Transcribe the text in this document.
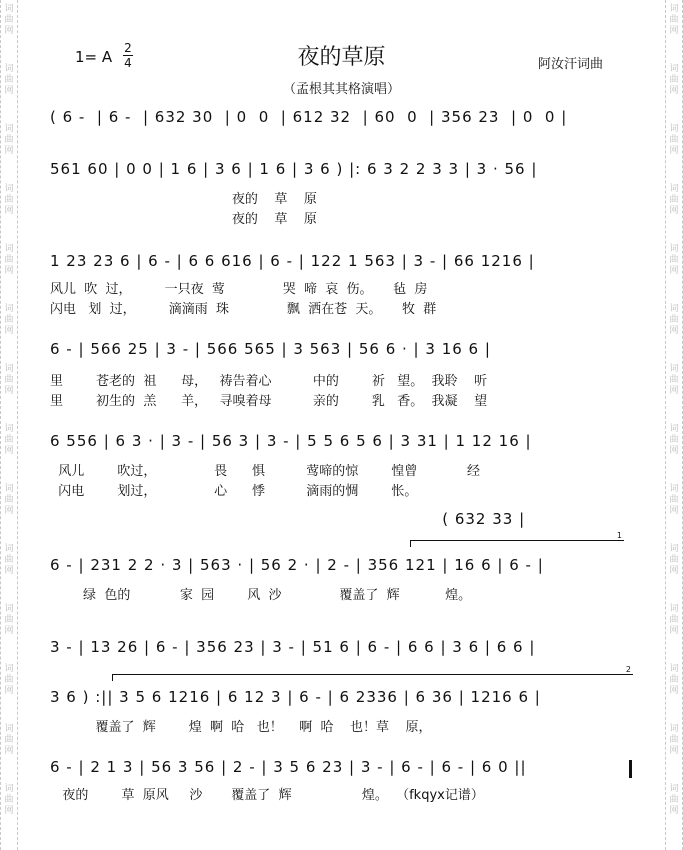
词
曲
网
词
曲
网
词
曲
网
词
曲
网
词
曲
网
词
曲
网
词
曲
网
词
曲
网
词
曲
网
词
曲
网
词
曲
网
词
曲
网
词
曲
网
词
曲
网
词
曲
网
词
曲
网
词
曲
网
词
曲
网
词
曲
网
词
曲
网
词
曲
网
词
曲
网
词
曲
网
词
曲
网
词
曲
网
词
曲
网
词
曲
网
词
曲
网
1= A 2
4	夜的草原	阿汝汗词曲
（孟根其其格演唱）
( 6 -  | 6 -  | 632 30  | 0  0  | 612 32  | 60  0  | 356 23  | 0  0 |
561 60 | 0 0 | 1 6 | 3 6 | 1 6 | 3 6 ) |: 6 3 2 2 3 3 | 3 · 56 |
夜的    草    原
夜的    草    原
1 23 23 6 | 6 - | 6 6 616 | 6 - | 122 1 563 | 3 - | 66 1216 |
风儿  吹  过，        一只夜  莺              哭  啼  哀  伤。     毡  房
闪电   划  过，        滴滴雨  珠              飘  洒在苍  天。     牧  群
6 - | 566 25 | 3 - | 566 565 | 3 563 | 56 6 · | 3 16 6 |
里        苍老的  祖      母，   祷告着心          中的        祈   望。  我聆    听
里        初生的  羔      羊，   寻嗅着母          亲的        乳   香。  我凝    望
6 556 | 6 3 · | 3 - | 56 3 | 3 - | 5 5 6 5 6 | 3 31 | 1 12 16 |
风儿        吹过，              畏      惧          莺啼的惊        惶曾            经
闪电        划过，              心      悸          滴雨的惆        怅。
( 632 33 |
1
6 - | 231 2 2 · 3 | 563 · | 56 2 · | 2 - | 356 121 | 16 6 | 6 - |
绿  色的            家  园        风  沙              覆盖了  辉           煌。
3 - | 13 26 | 6 - | 356 23 | 3 - | 51 6 | 6 - | 6 6 | 3 6 | 6 6 |
2
3 6 ) :|| 3 5 6 1216 | 6 12 3 | 6 - | 6 2336 | 6 36 | 1216 6 |
覆盖了  辉        煌  啊  哈   也！    啊  哈    也！草    原，
6 - | 2 1 3 | 56 3 56 | 2 - | 3 5 6 23 | 3 - | 6 - | 6 - | 6 0 ||
夜的        草  原风     沙       覆盖了  辉                 煌。  （fkqyx记谱）
